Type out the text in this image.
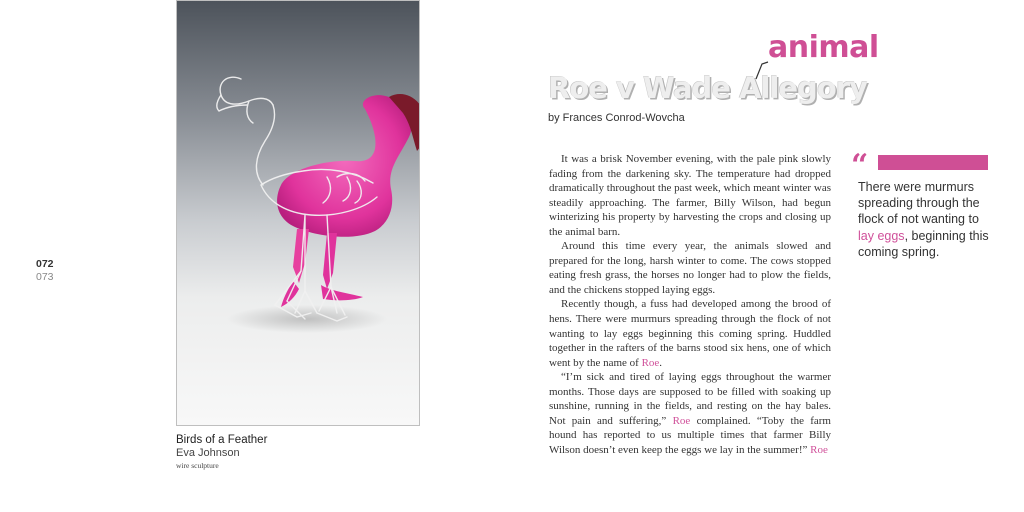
072
073
Birds of a Feather
Eva Johnson
wire sculpture
animal
Roe v Wade Allegory
by Frances Conrod-Wovcha

It was a brisk November evening, with the pale pink slowly fading from the darkening sky. The temperature had dropped dramatically throughout the past week, which meant winter was steadily approaching. The farmer, Billy Wilson, had begun winterizing his property by harvesting the crops and closing up the animal barn.

Around this time every year, the animals slowed and prepared for the long, harsh winter to come. The cows stopped eating fresh grass, the horses no longer had to plow the fields, and the chickens stopped laying eggs.

Recently though, a fuss had developed among the brood of hens. There were murmurs spreading through the flock of not wanting to lay eggs beginning this coming spring. Huddled together in the rafters of the barns stood six hens, one of which went by the name of Roe.

“I’m sick and tired of laying eggs throughout the warmer months. Those days are supposed to be filled with soaking up sunshine, running in the fields, and resting on the hay bales. Not pain and suffering,” Roe complained. “Toby the farm hound has reported to us multiple times that farmer Billy Wilson doesn’t even keep the eggs we lay in the summer!” Roe

“
There were murmurs spreading through the flock of not wanting to lay eggs, beginning this coming spring.
